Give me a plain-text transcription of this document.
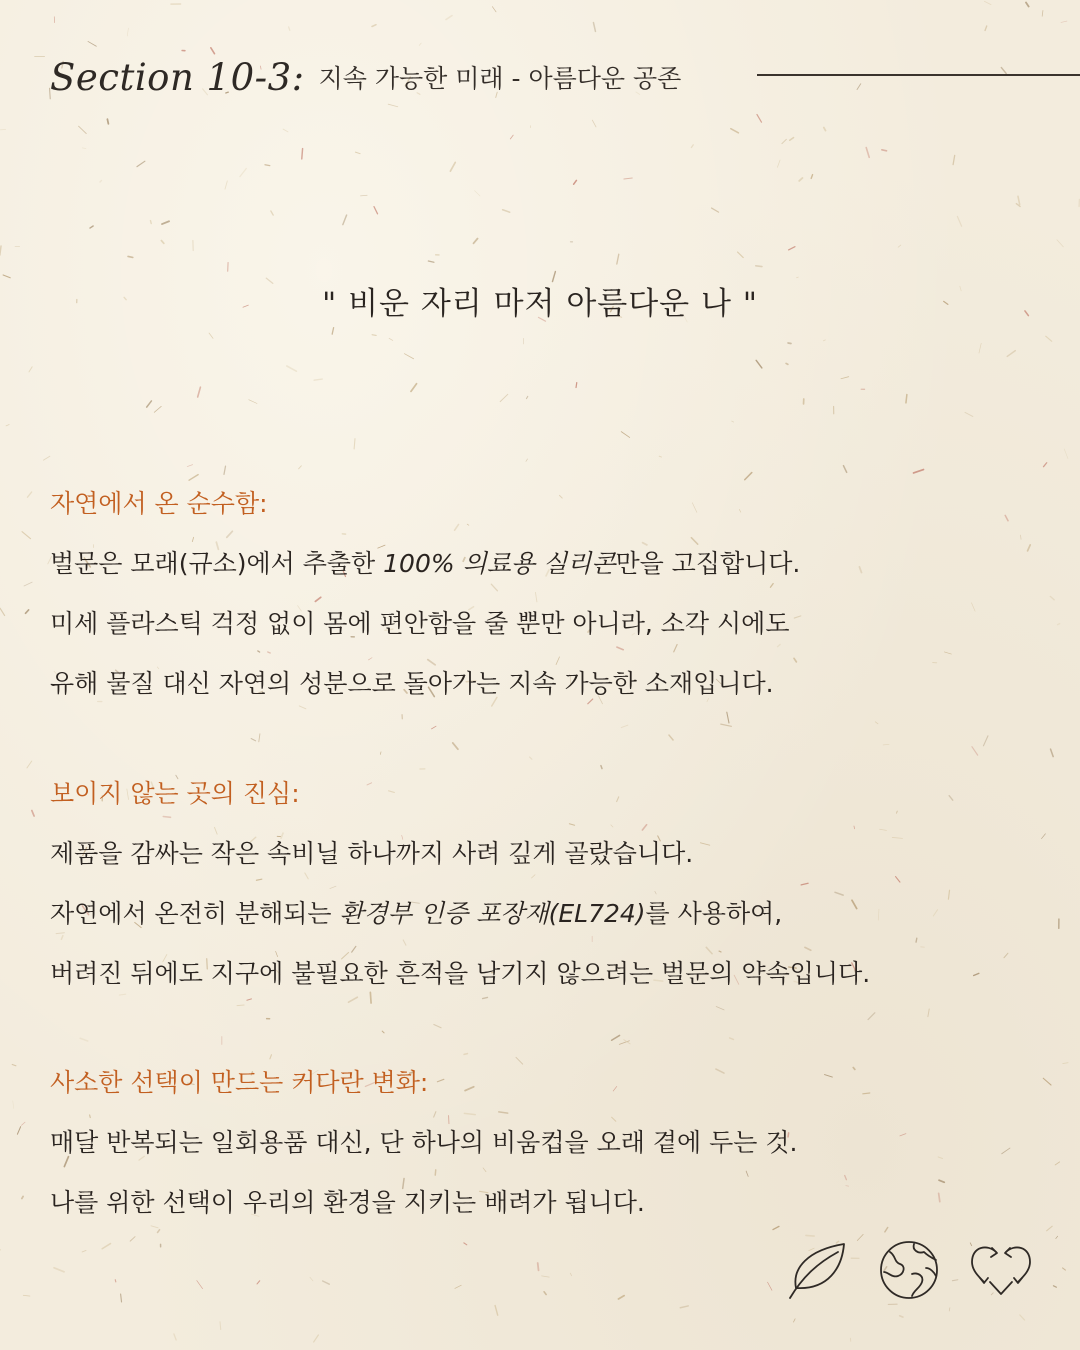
Section 10-3: 지속 가능한 미래 - 아름다운 공존
" 비운 자리 마저 아름다운 나 "
자연에서 온 순수함:
벌문은 모래(규소)에서 추출한 100% 의료용 실리콘만을 고집합니다.
미세 플라스틱 걱정 없이 몸에 편안함을 줄 뿐만 아니라, 소각 시에도
유해 물질 대신 자연의 성분으로 돌아가는 지속 가능한 소재입니다.
보이지 않는 곳의 진심:
제품을 감싸는 작은 속비닐 하나까지 사려 깊게 골랐습니다.
자연에서 온전히 분해되는 환경부 인증 포장재(EL724)를 사용하여,
버려진 뒤에도 지구에 불필요한 흔적을 남기지 않으려는 벌문의 약속입니다.
사소한 선택이 만드는 커다란 변화:
매달 반복되는 일회용품 대신, 단 하나의 비움컵을 오래 곁에 두는 것.
나를 위한 선택이 우리의 환경을 지키는 배려가 됩니다.
